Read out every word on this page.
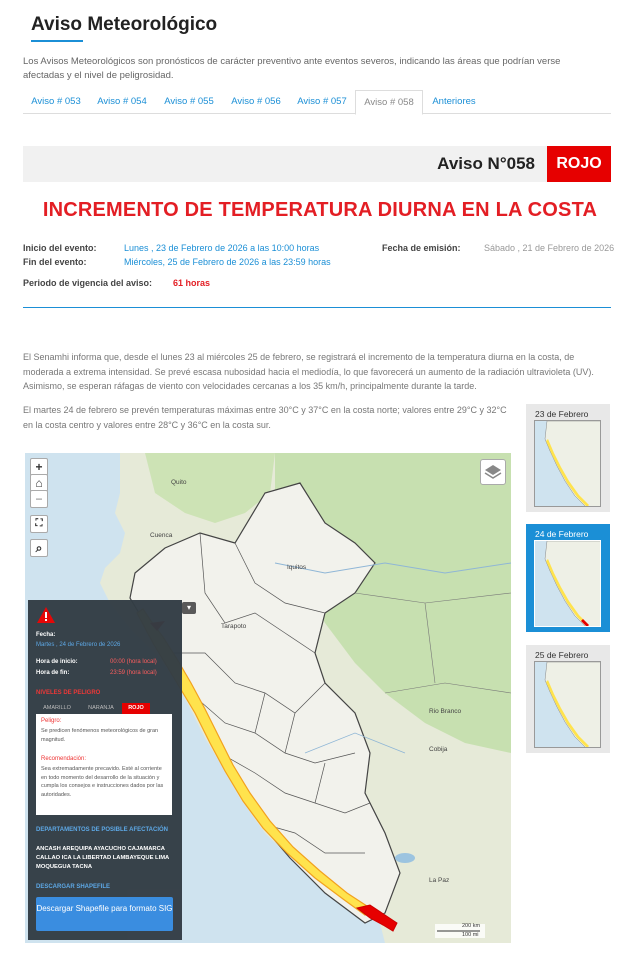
Aviso Meteorológico
Los Avisos Meteorológicos son pronósticos de carácter preventivo ante eventos severos, indicando las áreas que podrían verse afectadas y el nivel de peligrosidad.
Aviso # 053	Aviso # 054	Aviso # 055	Aviso # 056	Aviso # 057	Aviso # 058	Anteriores
Aviso N°058	ROJO
INCREMENTO DE TEMPERATURA DIURNA EN LA COSTA
Inicio del evento:	Lunes , 23 de Febrero de 2026 a las 10:00 horas
Fin del evento:	Miércoles, 25 de Febrero de 2026 a las 23:59 horas
Fecha de emisión:	Sábado , 21 de Febrero de 2026
Periodo de vigencia del aviso: 61 horas
El Senamhi informa que, desde el lunes 23 al miércoles 25 de febrero, se registrará el incremento de la temperatura diurna en la costa, de moderada a extrema intensidad. Se prevé escasa nubosidad hacia el mediodía, lo que favorecerá un aumento de la radiación ultravioleta (UV). Asimismo, se esperan ráfagas de viento con velocidades cercanas a los 35 km/h, principalmente durante la tarde.
El martes 24 de febrero se prevén temperaturas máximas entre 30°C y 37°C en la costa norte; valores entre 29°C y 32°C en la costa centro y valores entre 28°C y 36°C en la costa sur.
Quito
Cuenca
Iquitos
Tarapoto
Rio Branco
Cobija
La Paz
200 km
100 mi
+
⌂
−
⛶
⌕
▾
Fecha:
Martes , 24 de Febrero de 2026
Hora de inicio:	00:00 (hora local)
Hora de fin:	23:59 (hora local)
NIVELES DE PELIGRO
DEPARTAMENTOS DE POSIBLE AFECTACIÓN
DESCARGAR SHAPEFILE
AMARILLO	NARANJA	ROJO
Peligro:
Se predicen fenómenos meteorológicos de gran magnitud.
Recomendación:
Sea extremadamente precavido. Esté al corriente en todo momento del desarrollo de la situación y cumpla los consejos e instrucciones dados por las autoridades.
ANCASH AREQUIPA AYACUCHO CAJAMARCA CALLAO ICA LA LIBERTAD LAMBAYEQUE LIMA MOQUEGUA TACNA
Descargar Shapefile para formato SIG
23 de Febrero
24 de Febrero
25 de Febrero
